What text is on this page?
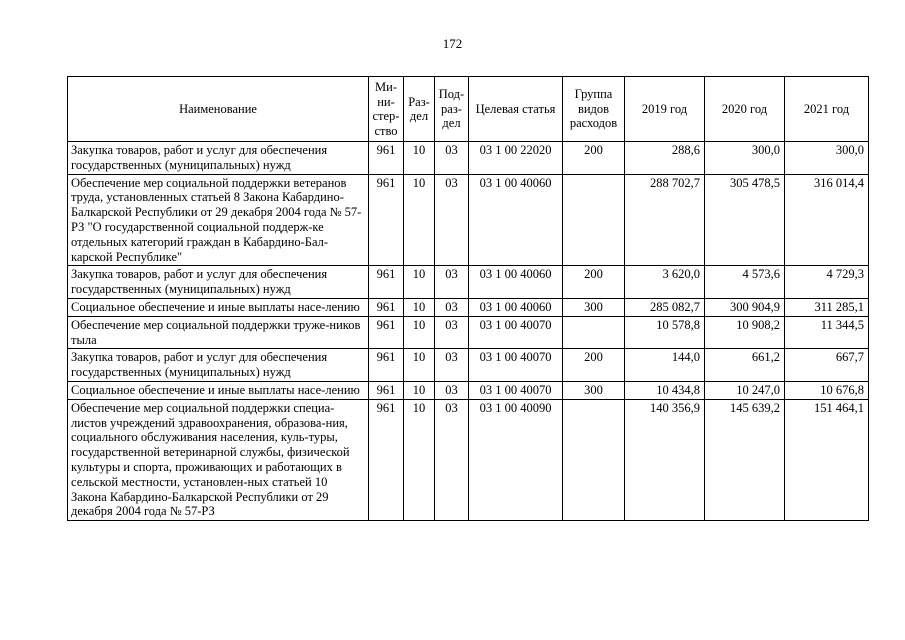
172
Наименование	Ми-ни-стер-ство	Раз-дел	Под-раз-дел	Целевая статья	Группа видов расходов	2019 год	2020 год	2021 год
Закупка товаров, работ и услуг для обеспечения государственных (муниципальных) нужд	961	10	03	03 1 00 22020	200	288,6	300,0	300,0
Обеспечение мер социальной поддержки ветеранов труда, установленных статьей 8 Закона Кабардино-Балкарской Республики от 29 декабря 2004 года № 57-РЗ "О государственной социальной поддерж-ке отдельных категорий граждан в Кабардино-Бал-карской Республике"	961	10	03	03 1 00 40060		288 702,7	305 478,5	316 014,4
Закупка товаров, работ и услуг для обеспечения государственных (муниципальных) нужд	961	10	03	03 1 00 40060	200	3 620,0	4 573,6	4 729,3
Социальное обеспечение и иные выплаты насе-лению	961	10	03	03 1 00 40060	300	285 082,7	300 904,9	311 285,1
Обеспечение мер социальной поддержки труже-ников тыла	961	10	03	03 1 00 40070		10 578,8	10 908,2	11 344,5
Закупка товаров, работ и услуг для обеспечения государственных (муниципальных) нужд	961	10	03	03 1 00 40070	200	144,0	661,2	667,7
Социальное обеспечение и иные выплаты насе-лению	961	10	03	03 1 00 40070	300	10 434,8	10 247,0	10 676,8
Обеспечение мер социальной поддержки специа-листов учреждений здравоохранения, образова-ния, социального обслуживания населения, куль-туры, государственной ветеринарной службы, физической культуры и спорта, проживающих и работающих в сельской местности, установлен-ных статьей 10 Закона Кабардино-Балкарской Республики от 29 декабря 2004 года № 57-РЗ	961	10	03	03 1 00 40090		140 356,9	145 639,2	151 464,1
